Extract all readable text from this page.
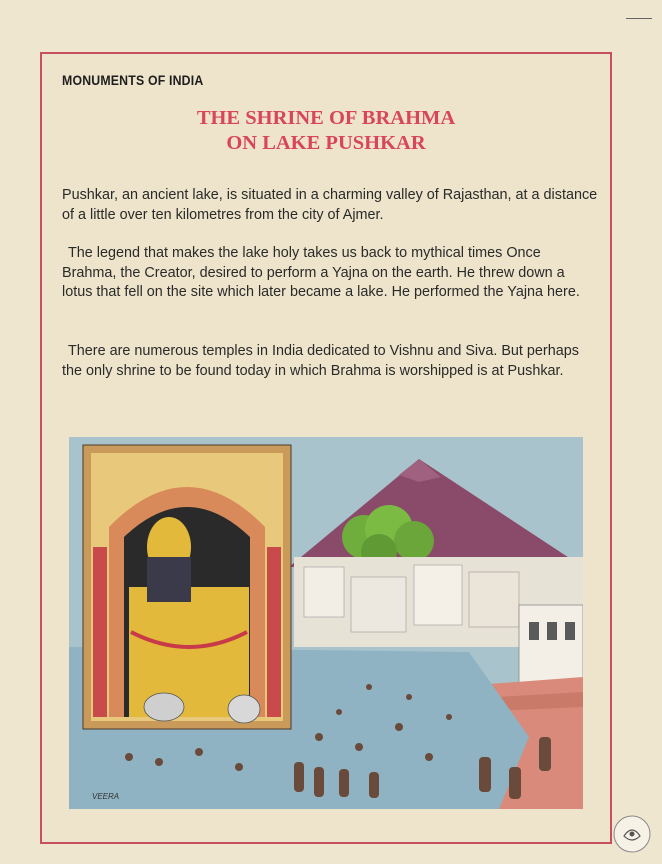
MONUMENTS OF INDIA
THE SHRINE OF BRAHMA
ON LAKE PUSHKAR
Pushkar, an ancient lake, is situated in a charming valley of Rajasthan, at a distance of a little over ten kilometres from the city of Ajmer.
The legend that makes the lake holy takes us back to mythical times Once Brahma, the Creator, desired to perform a Yajna on the earth. He threw down a lotus that fell on the site which later became a lake. He performed the Yajna here.
There are numerous temples in India dedicated to Vishnu and Siva. But perhaps the only shrine to be found today in which Brahma is worshipped is at Pushkar.
VEERA
